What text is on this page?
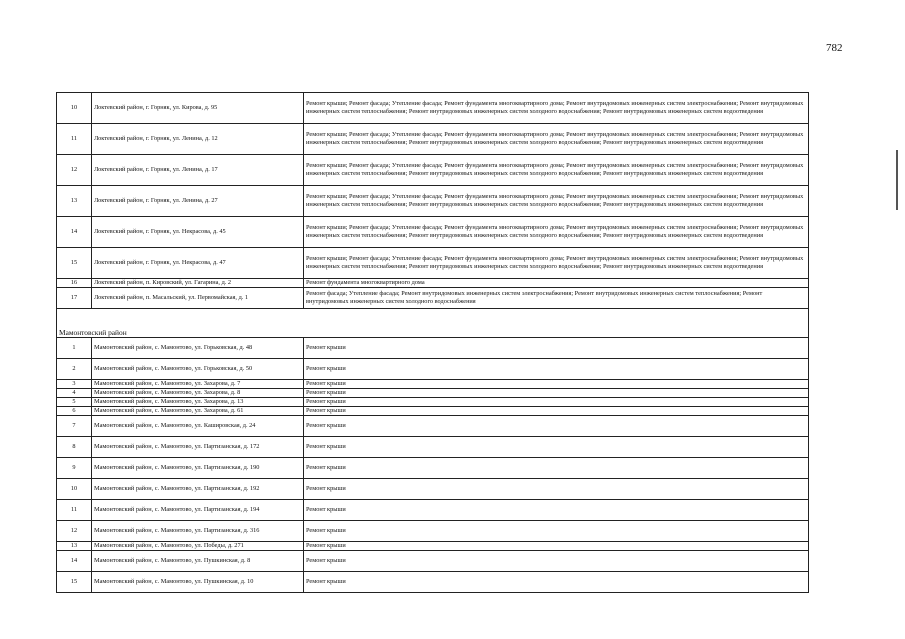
782
10	Локтевский район, г. Горняк, ул. Кирова, д. 95	Ремонт крыши; Ремонт фасада; Утепление фасада; Ремонт фундамента многоквартирного дома; Ремонт внутридомовых инженерных систем электроснабжения; Ремонт внутридомовых инженерных систем теплоснабжения; Ремонт внутридомовых инженерных систем холодного водоснабжения; Ремонт внутридомовых инженерных систем водоотведения
11	Локтевский район, г. Горняк, ул. Ленина, д. 12	Ремонт крыши; Ремонт фасада; Утепление фасада; Ремонт фундамента многоквартирного дома; Ремонт внутридомовых инженерных систем электроснабжения; Ремонт внутридомовых инженерных систем теплоснабжения; Ремонт внутридомовых инженерных систем холодного водоснабжения; Ремонт внутридомовых инженерных систем водоотведения
12	Локтевский район, г. Горняк, ул. Ленина, д. 17	Ремонт крыши; Ремонт фасада; Утепление фасада; Ремонт фундамента многоквартирного дома; Ремонт внутридомовых инженерных систем электроснабжения; Ремонт внутридомовых инженерных систем теплоснабжения; Ремонт внутридомовых инженерных систем холодного водоснабжения; Ремонт внутридомовых инженерных систем водоотведения
13	Локтевский район, г. Горняк, ул. Ленина, д. 27	Ремонт крыши; Ремонт фасада; Утепление фасада; Ремонт фундамента многоквартирного дома; Ремонт внутридомовых инженерных систем электроснабжения; Ремонт внутридомовых инженерных систем теплоснабжения; Ремонт внутридомовых инженерных систем холодного водоснабжения; Ремонт внутридомовых инженерных систем водоотведения
14	Локтевский район, г. Горняк, ул. Некрасова, д. 45	Ремонт крыши; Ремонт фасада; Утепление фасада; Ремонт фундамента многоквартирного дома; Ремонт внутридомовых инженерных систем электроснабжения; Ремонт внутридомовых инженерных систем теплоснабжения; Ремонт внутридомовых инженерных систем холодного водоснабжения; Ремонт внутридомовых инженерных систем водоотведения
15	Локтевский район, г. Горняк, ул. Некрасова, д. 47	Ремонт крыши; Ремонт фасада; Утепление фасада; Ремонт фундамента многоквартирного дома; Ремонт внутридомовых инженерных систем электроснабжения; Ремонт внутридомовых инженерных систем теплоснабжения; Ремонт внутридомовых инженерных систем холодного водоснабжения; Ремонт внутридомовых инженерных систем водоотведения
16	Локтевский район, п. Кировский, ул. Гагарина, д. 2	Ремонт фундамента многоквартирного дома
17	Локтевский район, п. Масальский, ул. Первомайская, д. 1	Ремонт фасада; Утепление фасада; Ремонт внутридомовых инженерных систем электроснабжения; Ремонт внутридомовых инженерных систем теплоснабжения; Ремонт внутридомовых инженерных систем холодного водоснабжения
Мамонтовский район		
1	Мамонтовский район, с. Мамонтово, ул. Горьковская, д. 48	Ремонт крыши
2	Мамонтовский район, с. Мамонтово, ул. Горьковская, д. 50	Ремонт крыши
3	Мамонтовский район, с. Мамонтово, ул. Захарова, д. 7	Ремонт крыши
4	Мамонтовский район, с. Мамонтово, ул. Захарова, д. 8	Ремонт крыши
5	Мамонтовский район, с. Мамонтово, ул. Захарова, д. 13	Ремонт крыши
6	Мамонтовский район, с. Мамонтово, ул. Захарова, д. 61	Ремонт крыши
7	Мамонтовский район, с. Мамонтово, ул. Кашировская, д. 24	Ремонт крыши
8	Мамонтовский район, с. Мамонтово, ул. Партизанская, д. 172	Ремонт крыши
9	Мамонтовский район, с. Мамонтово, ул. Партизанская, д. 190	Ремонт крыши
10	Мамонтовский район, с. Мамонтово, ул. Партизанская, д. 192	Ремонт крыши
11	Мамонтовский район, с. Мамонтово, ул. Партизанская, д. 194	Ремонт крыши
12	Мамонтовский район, с. Мамонтово, ул. Партизанская, д. 316	Ремонт крыши
13	Мамонтовский район, с. Мамонтово, ул. Победы, д. 271	Ремонт крыши
14	Мамонтовский район, с. Мамонтово, ул. Пушкинская, д. 8	Ремонт крыши
15	Мамонтовский район, с. Мамонтово, ул. Пушкинская, д. 10	Ремонт крыши
